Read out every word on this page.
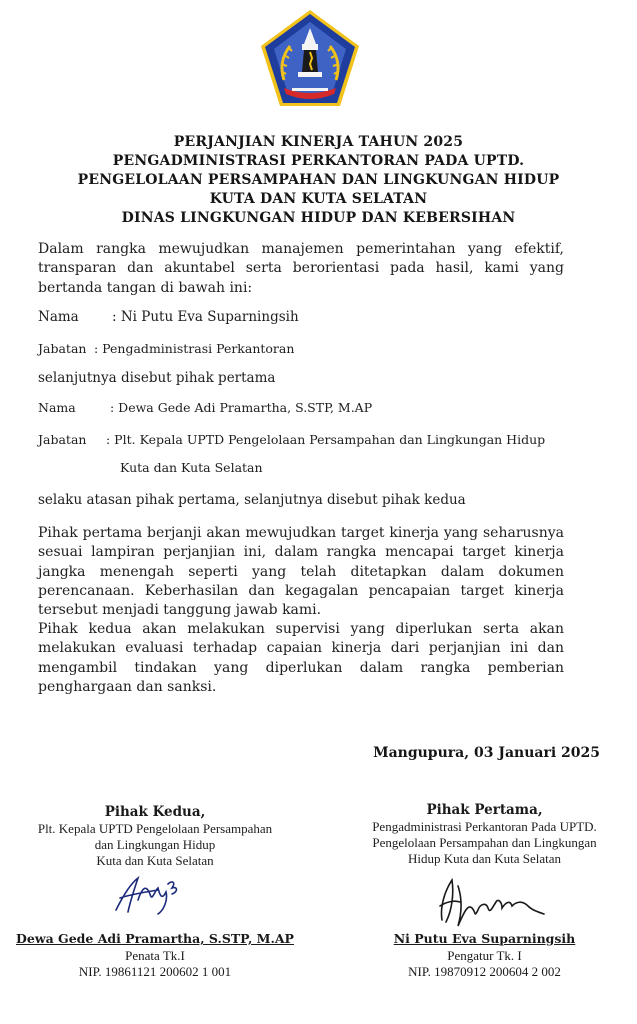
PERJANJIAN KINERJA TAHUN 2025
PENGADMINISTRASI PERKANTORAN PADA UPTD.
PENGELOLAAN PERSAMPAHAN DAN LINGKUNGAN HIDUP
KUTA DAN KUTA SELATAN
DINAS LINGKUNGAN HIDUP DAN KEBERSIHAN
Dalam rangka mewujudkan manajemen pemerintahan yang efektif, transparan dan akuntabel serta berorientasi pada hasil, kami yang bertanda tangan di bawah ini:
Nama : Ni Putu Eva Suparningsih
Jabatan : Pengadministrasi Perkantoran
selanjutnya disebut pihak pertama
Nama	: Dewa Gede Adi Pramartha, S.STP, M.AP
Jabatan : Plt. Kepala UPTD Pengelolaan Persampahan dan Lingkungan Hidup
Kuta dan Kuta Selatan
selaku atasan pihak pertama, selanjutnya disebut pihak kedua
Pihak pertama berjanji akan mewujudkan target kinerja yang seharusnya sesuai lampiran perjanjian ini, dalam rangka mencapai target kinerja jangka menengah seperti yang telah ditetapkan dalam dokumen perencanaan. Keberhasilan dan kegagalan pencapaian target kinerja tersebut menjadi tanggung jawab kami.
Pihak kedua akan melakukan supervisi yang diperlukan serta akan melakukan evaluasi terhadap capaian kinerja dari perjanjian ini dan mengambil tindakan yang diperlukan dalam rangka pemberian penghargaan dan sanksi.
Mangupura, 03 Januari 2025
Pihak Kedua,
Plt. Kepala UPTD Pengelolaan Persampahan
dan Lingkungan Hidup
Kuta dan Kuta Selatan
Dewa Gede Adi Pramartha, S.STP, M.AP
Penata Tk.I
NIP. 19861121 200602 1 001
Pihak Pertama,
Pengadministrasi Perkantoran Pada UPTD.
Pengelolaan Persampahan dan Lingkungan
Hidup Kuta dan Kuta Selatan
Ni Putu Eva Suparningsih
Pengatur Tk. I
NIP. 19870912 200604 2 002
